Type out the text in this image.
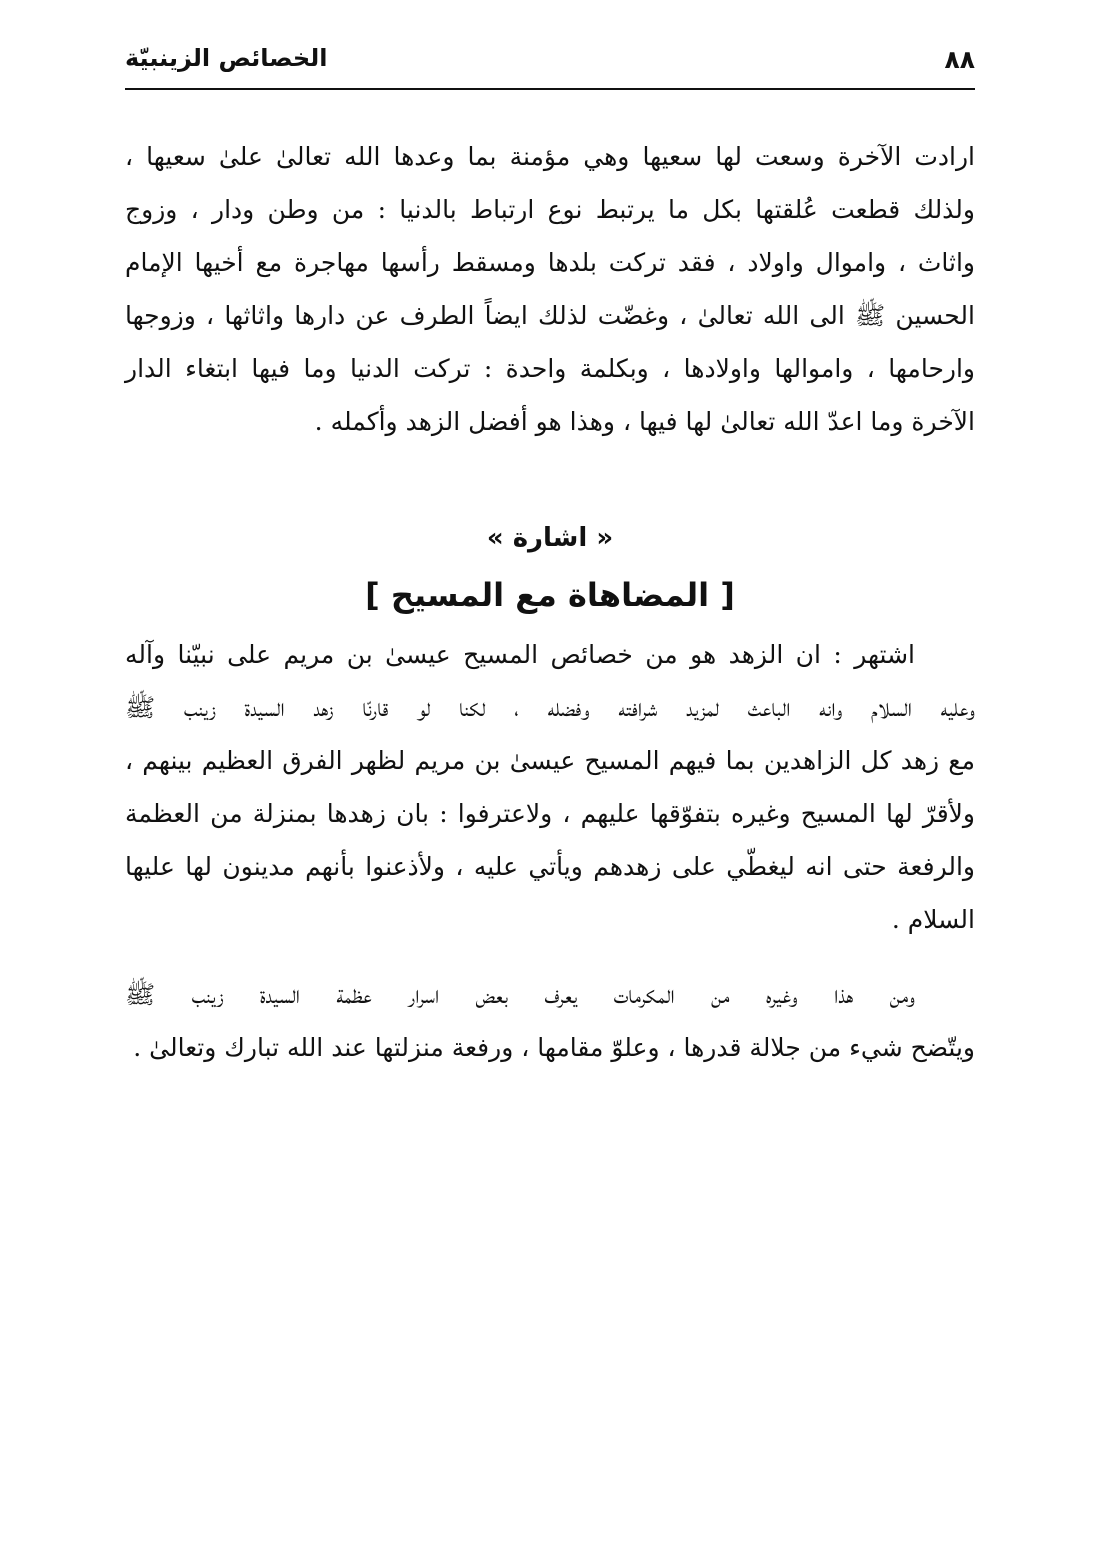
٨٨
الخصائص الزينبيّة
ارادت الآخرة وسعت لها سعيها وهي مؤمنة بما وعدها الله تعالىٰ علىٰ سعيها ،
ولذلك قطعت عُلقتها بكل ما يرتبط نوع ارتباط بالدنيا : من وطن ودار ، وزوج
واثاث ، واموال واولاد ، فقد تركت بلدها ومسقط رأسها مهاجرة مع أخيها الإمام
الحسين ﷺ الى الله تعالىٰ ، وغضّت لذلك ايضاً الطرف عن دارها واثاثها ، وزوجها
وارحامها ، واموالها واولادها ، وبكلمة واحدة : تركت الدنيا وما فيها ابتغاء الدار
الآخرة وما اعدّ الله تعالىٰ لها فيها ، وهذا هو أفضل الزهد وأكمله .
« اشارة »
[ المضاهاة مع المسيح ]
اشتهر : ان الزهد هو من خصائص المسيح عيسىٰ بن مريم علی نبيّنا وآله
وعليه السلام وانه الباعث لمزيد شرافته وفضله ، لكنا لو قارنّا زهد السيدة زينب ﷺ
مع زهد كل الزاهدين بما فيهم المسيح عيسىٰ بن مريم لظهر الفرق العظيم بينهم ،
ولأقرّ لها المسيح وغيره بتفوّقها عليهم ، ولاعترفوا : بان زهدها بمنزلة من العظمة
والرفعة حتى انه ليغطّي على زهدهم ويأتي عليه ، ولأذعنوا بأنهم مدينون لها عليها
السلام .
ومن هذا وغيره من المكرمات يعرف بعض اسرار عظمة السيدة زينب ﷺ
ويتّضح شيء من جلالة قدرها ، وعلوّ مقامها ، ورفعة منزلتها عند الله تبارك وتعالىٰ .
